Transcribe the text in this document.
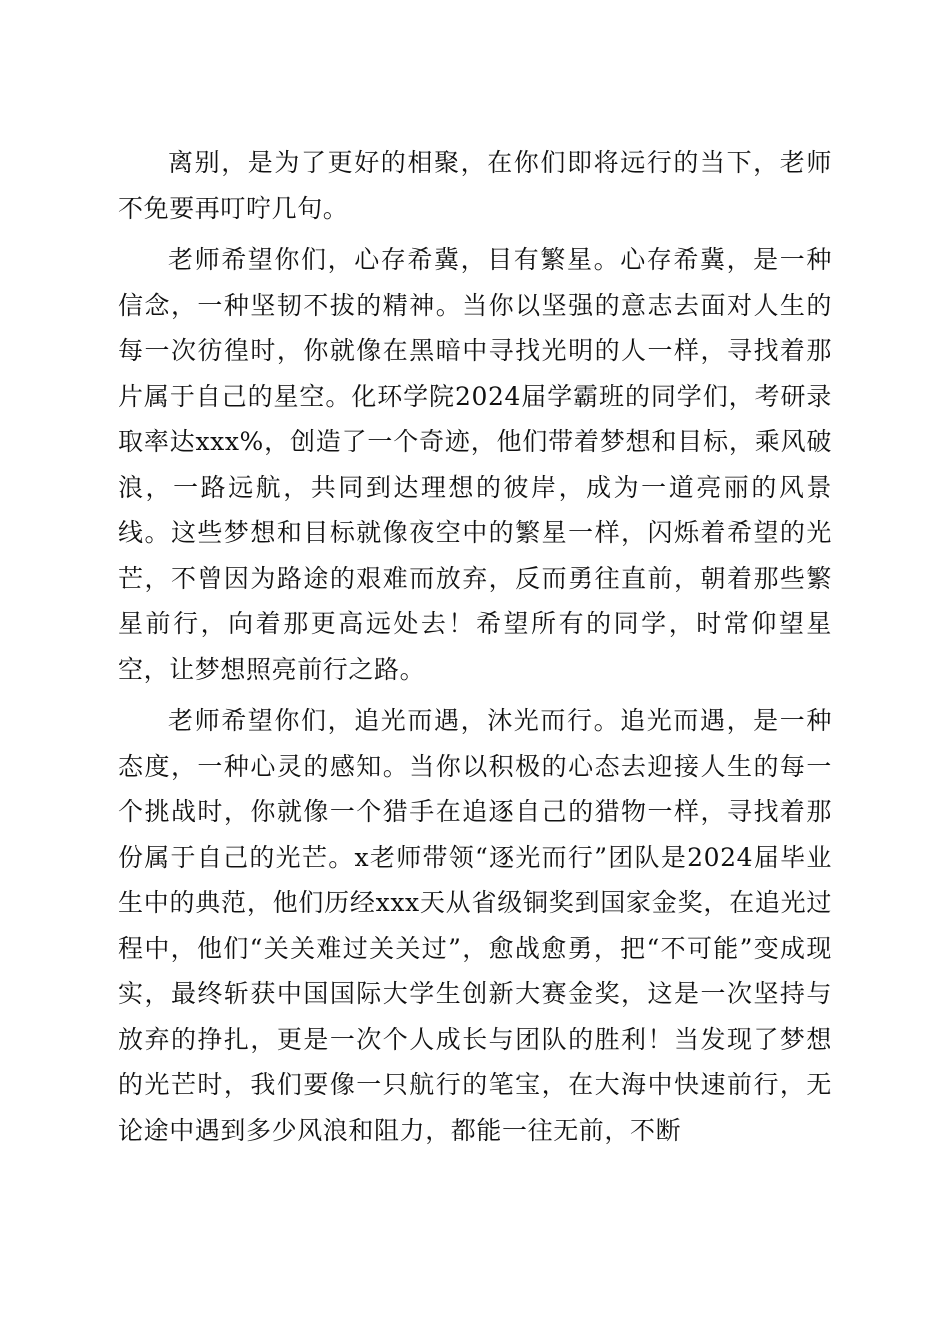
离别，是为了更好的相聚，在你们即将远行的当下，老师不免要再叮咛几句。

老师希望你们，心存希冀，目有繁星。心存希冀，是一种信念，一种坚韧不拔的精神。当你以坚强的意志去面对人生的每一次彷徨时，你就像在黑暗中寻找光明的人一样，寻找着那片属于自己的星空。化环学院2024届学霸班的同学们，考研录取率达xxx%，创造了一个奇迹，他们带着梦想和目标，乘风破浪，一路远航，共同到达理想的彼岸，成为一道亮丽的风景线。这些梦想和目标就像夜空中的繁星一样，闪烁着希望的光芒，不曾因为路途的艰难而放弃，反而勇往直前，朝着那些繁星前行，向着那更高远处去！希望所有的同学，时常仰望星空，让梦想照亮前行之路。

老师希望你们，追光而遇，沐光而行。追光而遇，是一种态度，一种心灵的感知。当你以积极的心态去迎接人生的每一个挑战时，你就像一个猎手在追逐自己的猎物一样，寻找着那份属于自己的光芒。x老师带领“逐光而行”团队是2024届毕业生中的典范，他们历经xxx天从省级铜奖到国家金奖，在追光过程中，他们“关关难过关关过”，愈战愈勇，把“不可能”变成现实，最终斩获中国国际大学生创新大赛金奖，这是一次坚持与放弃的挣扎，更是一次个人成长与团队的胜利！当发现了梦想的光芒时，我们要像一只航行的笔宝，在大海中快速前行，无论途中遇到多少风浪和阻力，都能一往无前，不断
